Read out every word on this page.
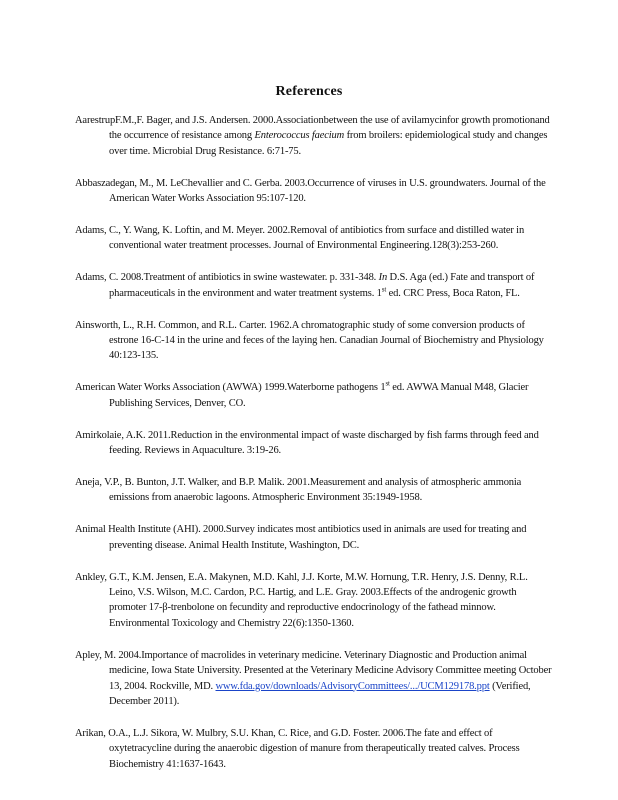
References

AarestrupF.M.,F. Bager, and J.S. Andersen. 2000.Associationbetween the use of avilamycinfor growth promotionand the occurrence of resistance among Enterococcus faecium from broilers: epidemiological study and changes over time. Microbial Drug Resistance. 6:71-75.

Abbaszadegan, M., M. LeChevallier and C. Gerba. 2003.Occurrence of viruses in U.S. groundwaters. Journal of the American Water Works Association 95:107-120.

Adams, C., Y. Wang, K. Loftin, and M. Meyer. 2002.Removal of antibiotics from surface and distilled water in conventional water treatment processes. Journal of Environmental Engineering.128(3):253-260.

Adams, C. 2008.Treatment of antibiotics in swine wastewater. p. 331-348. In D.S. Aga (ed.) Fate and transport of pharmaceuticals in the environment and water treatment systems. 1st ed. CRC Press, Boca Raton, FL.

Ainsworth, L., R.H. Common, and R.L. Carter. 1962.A chromatographic study of some conversion products of estrone 16-C-14 in the urine and feces of the laying hen. Canadian Journal of Biochemistry and Physiology 40:123-135.

American Water Works Association (AWWA) 1999.Waterborne pathogens 1st ed. AWWA Manual M48, Glacier Publishing Services, Denver, CO.

Amirkolaie, A.K. 2011.Reduction in the environmental impact of waste discharged by fish farms through feed and feeding. Reviews in Aquaculture. 3:19-26.

Aneja, V.P., B. Bunton, J.T. Walker, and B.P. Malik. 2001.Measurement and analysis of atmospheric ammonia emissions from anaerobic lagoons. Atmospheric Environment 35:1949-1958.

Animal Health Institute (AHI). 2000.Survey indicates most antibiotics used in animals are used for treating and preventing disease. Animal Health Institute, Washington, DC.

Ankley, G.T., K.M. Jensen, E.A. Makynen, M.D. Kahl, J.J. Korte, M.W. Hornung, T.R. Henry, J.S. Denny, R.L. Leino, V.S. Wilson, M.C. Cardon, P.C. Hartig, and L.E. Gray. 2003.Effects of the androgenic growth promoter 17-β-trenbolone on fecundity and reproductive endocrinology of the fathead minnow. Environmental Toxicology and Chemistry 22(6):1350-1360.

Apley, M. 2004.Importance of macrolides in veterinary medicine. Veterinary Diagnostic and Production animal medicine, Iowa State University. Presented at the Veterinary Medicine Advisory Committee meeting October 13, 2004. Rockville, MD. www.fda.gov/downloads/AdvisoryCommittees/.../UCM129178.ppt (Verified, December 2011).

Arikan, O.A., L.J. Sikora, W. Mulbry, S.U. Khan, C. Rice, and G.D. Foster. 2006.The fate and effect of oxytetracycline during the anaerobic digestion of manure from therapeutically treated calves. Process Biochemistry 41:1637-1643.
